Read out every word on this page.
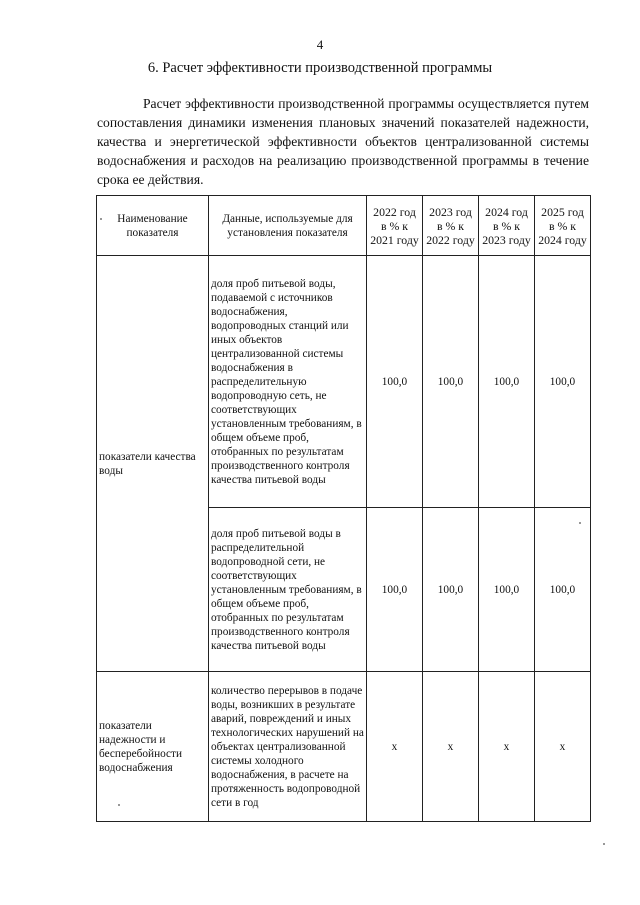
4
6. Расчет эффективности производственной программы

Расчет эффективности производственной программы осуществляется путем сопоставления динамики изменения плановых значений показателей надежности, качества и энергетической эффективности объектов централизованной системы водоснабжения и расходов на реализацию производственной программы в течение срока ее действия.

Наименование показателя	Данные, используемые для установления показателя	2022 год в % к 2021 году	2023 год в % к 2022 году	2024 год в % к 2023 году	2025 год в % к 2024 году
показатели качества воды	доля проб питьевой воды, подаваемой с источников водоснабжения, водопроводных станций или иных объектов централизованной системы водоснабжения в распределительную водопроводную сеть, не соответствующих установленным требованиям, в общем объеме проб, отобранных по результатам производственного контроля качества питьевой воды	100,0	100,0	100,0	100,0
	доля проб питьевой воды в распределительной водопроводной сети, не соответствующих установленным требованиям, в общем объеме проб, отобранных по результатам производственного контроля качества питьевой воды	100,0	100,0	100,0	100,0
показатели надежности и бесперебойности водоснабжения	количество перерывов в подаче воды, возникших в результате аварий, повреждений и иных технологических нарушений на объектах централизованной системы холодного водоснабжения, в расчете на протяженность водопроводной сети в год	x	x	x	x
